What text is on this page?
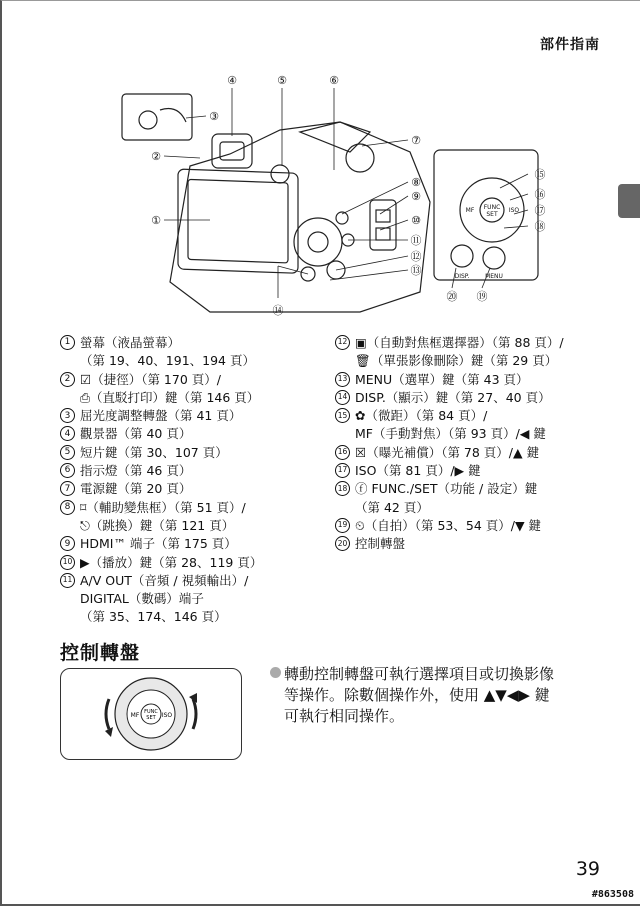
部件指南
④	⑤	⑥
⑦
②
③
①
⑧
⑨
⑩
⑪
⑫
⑬
⑭
⑮
⑯
⑰
⑱
⑳ ⑲
DISP.	MENU
FUNC
SET
MF	ISO
1 螢幕（液晶螢幕）
（第 19、40、191、194 頁）
2 ☑（捷徑）（第 170 頁）/
⎙（直駁打印）鍵（第 146 頁）
3 屈光度調整轉盤（第 41 頁）
4 觀景器（第 40 頁）
5 短片鍵（第 30、107 頁）
6 指示燈（第 46 頁）
7 電源鍵（第 20 頁）
8 ⌑（輔助變焦框）（第 51 頁）/
⎋（跳換）鍵（第 121 頁）
9 HDMI™ 端子（第 175 頁）
10 ▶（播放）鍵（第 28、119 頁）
11 A/V OUT（音頻 / 視頻輸出）/
DIGITAL（數碼）端子
（第 35、174、146 頁）
12 ▣（自動對焦框選擇器）（第 88 頁）/
🗑（單張影像刪除）鍵（第 29 頁）
13 MENU（選單）鍵（第 43 頁）
14 DISP.（顯示）鍵（第 27、40 頁）
15 ✿（微距）（第 84 頁）/
MF（手動對焦）（第 93 頁）/◀ 鍵
16 ☒（曝光補償）（第 78 頁）/▲ 鍵
17 ISO（第 81 頁）/▶ 鍵
18 ⓕ FUNC./SET（功能 / 設定）鍵
（第 42 頁）
19 ⏲（自拍）（第 53、54 頁）/▼ 鍵
20 控制轉盤
控制轉盤
FUNC
SET
MF	ISO
轉動控制轉盤可執行選擇項目或切換影像
等操作。除數個操作外，使用 ▲▼◀▶ 鍵
可執行相同操作。
39
#863508
